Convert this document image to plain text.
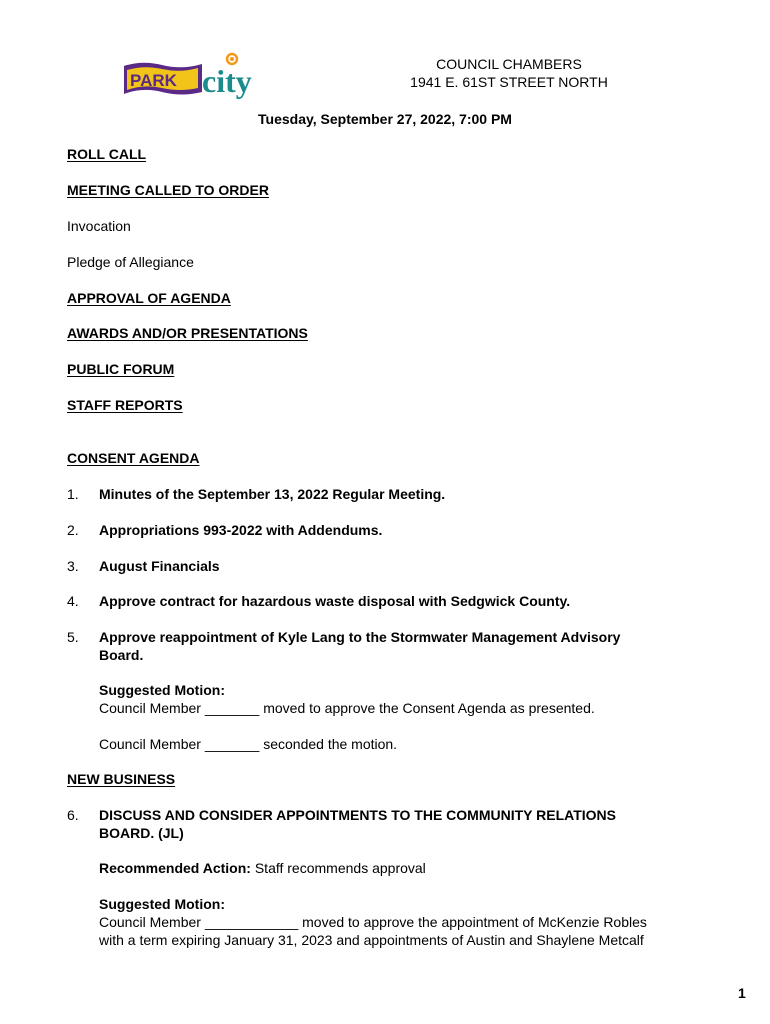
PARK city	COUNCIL CHAMBERS
1941 E. 61ST STREET NORTH
Tuesday, September 27, 2022, 7:00 PM
ROLL CALL
MEETING CALLED TO ORDER
Invocation
Pledge of Allegiance
APPROVAL OF AGENDA
AWARDS AND/OR PRESENTATIONS
PUBLIC FORUM
STAFF REPORTS
CONSENT AGENDA
1. Minutes of the September 13, 2022 Regular Meeting.
2. Appropriations 993-2022 with Addendums.
3. August Financials
4. Approve contract for hazardous waste disposal with Sedgwick County.
5. Approve reappointment of Kyle Lang to the Stormwater Management Advisory
Board.
Suggested Motion:
Council Member _______ moved to approve the Consent Agenda as presented.
Council Member _______ seconded the motion.
NEW BUSINESS
6. DISCUSS AND CONSIDER APPOINTMENTS TO THE COMMUNITY RELATIONS
BOARD. (JL)
Recommended Action: Staff recommends approval
Suggested Motion:
Council Member ____________ moved to approve the appointment of McKenzie Robles
with a term expiring January 31, 2023 and appointments of Austin and Shaylene Metcalf
1
